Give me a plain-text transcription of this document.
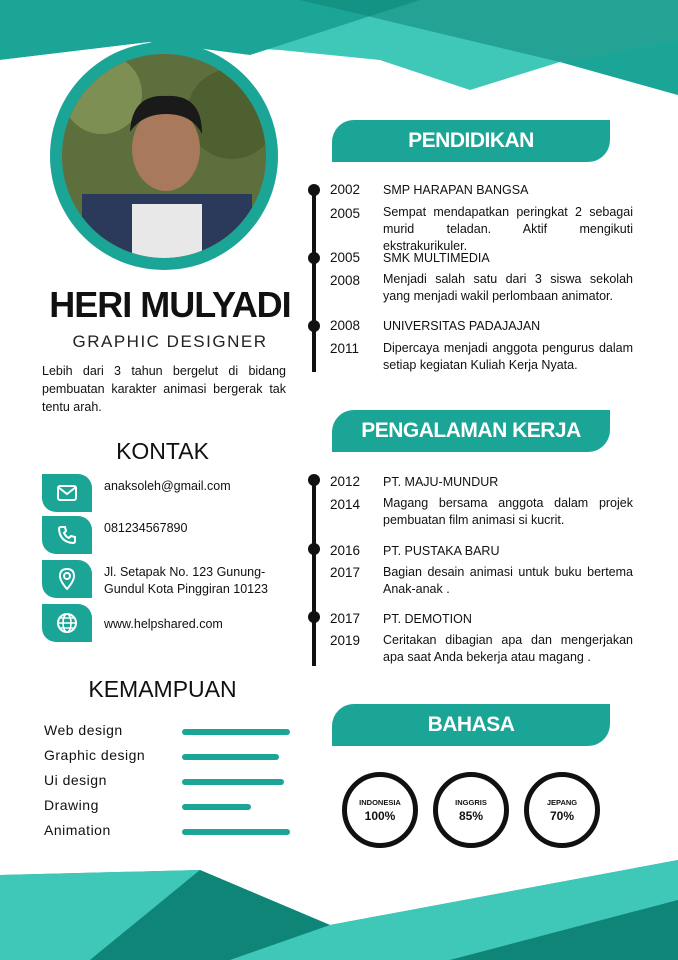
HERI MULYADI
GRAPHIC DESIGNER
Lebih dari 3 tahun bergelut di bidang pembuatan karakter animasi bergerak tak tentu arah.
KONTAK
anaksoleh@gmail.com
081234567890
Jl. Setapak No. 123 Gunung-Gundul Kota Pinggiran 10123
www.helpshared.com
KEMAMPUAN
Web design
Graphic design
Ui design
Drawing
Animation
PENDIDIKAN
2002
2005
SMP HARAPAN BANGSA
Sempat mendapatkan peringkat 2 sebagai murid teladan. Aktif mengikuti ekstrakurikuler.
2005
2008
SMK MULTIMEDIA
Menjadi salah satu dari 3 siswa sekolah yang menjadi wakil perlombaan animator.
2008
2011
UNIVERSITAS PADAJAJAN
Dipercaya menjadi anggota pengurus dalam setiap kegiatan Kuliah Kerja Nyata.
PENGALAMAN KERJA
2012
2014
PT. MAJU-MUNDUR
Magang bersama anggota dalam projek pembuatan film animasi si kucrit.
2016
2017
PT. PUSTAKA BARU
Bagian desain animasi untuk buku bertema Anak-anak .
2017
2019
PT. DEMOTION
Ceritakan dibagian apa dan mengerjakan apa saat Anda bekerja atau magang .
BAHASA
INDONESIA
100%
INGGRIS
85%
JEPANG
70%
